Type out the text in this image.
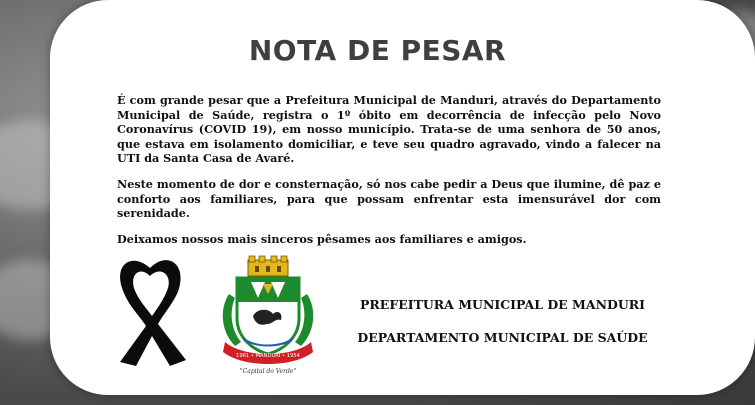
NOTA DE PESAR

É com grande pesar que a Prefeitura Municipal de Manduri, através do Departamento Municipal de Saúde, registra o 1º óbito em decorrência de infecção pelo Novo Coronavírus (COVID 19), em nosso município. Trata-se de uma senhora de 50 anos, que estava em isolamento domiciliar, e teve seu quadro agravado, vindo a falecer na UTI da Santa Casa de Avaré.

Neste momento de dor e consternação, só nos cabe pedir a Deus que ilumine, dê paz e conforto aos familiares, para que possam enfrentar esta imensurável dor com serenidade.

Deixamos nossos mais sinceros pêsames aos familiares e amigos.

1961 • MANDURI • 1954
"Capital do Verde"
PREFEITURA MUNICIPAL DE MANDURI
DEPARTAMENTO MUNICIPAL DE SAÚDE
